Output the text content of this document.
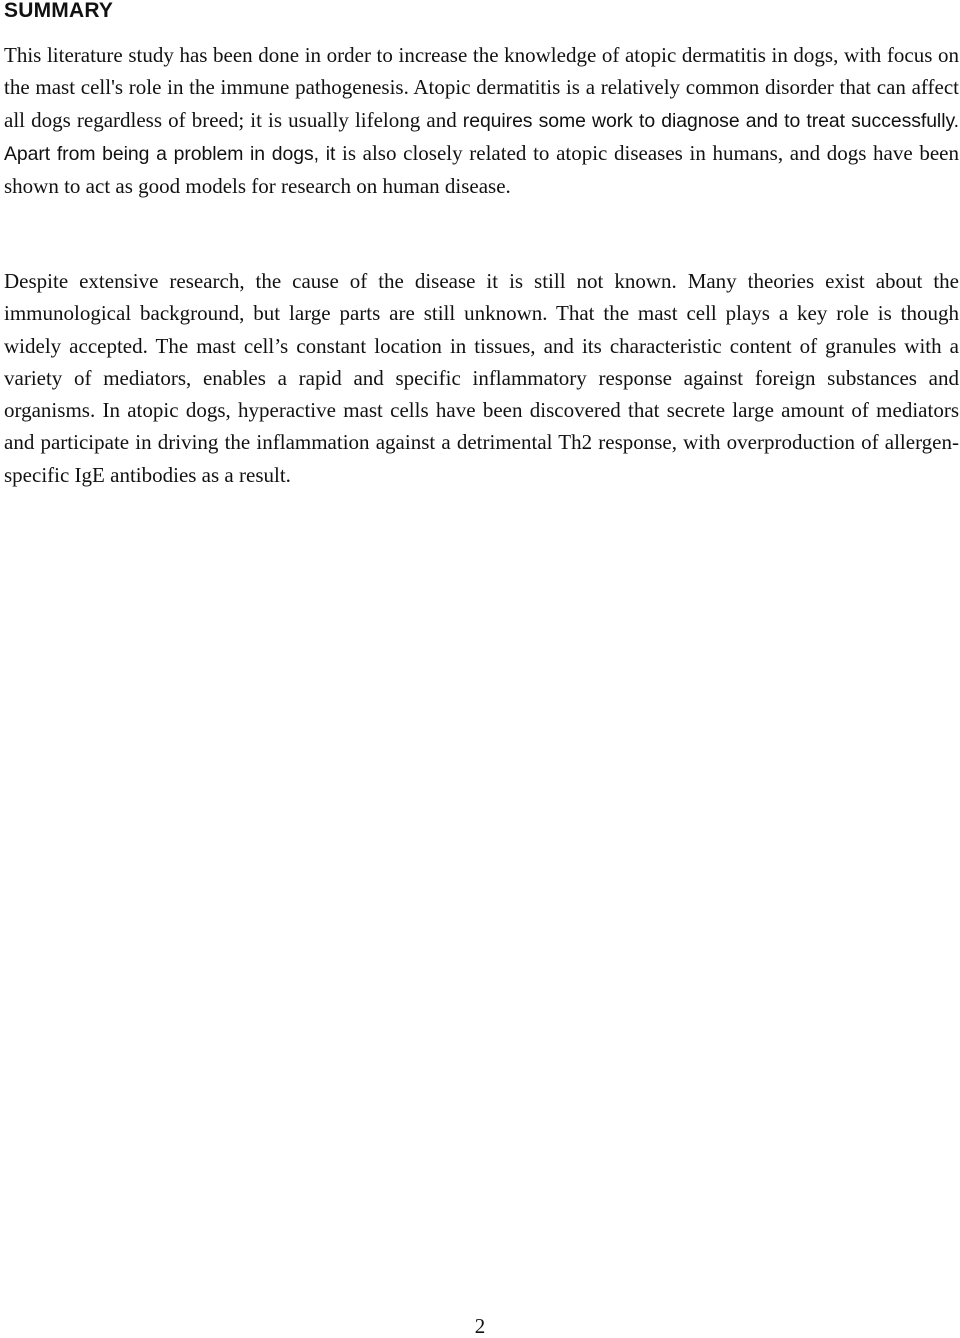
SUMMARY

This literature study has been done in order to increase the knowledge of atopic dermatitis in dogs, with focus on the mast cell's role in the immune pathogenesis. Atopic dermatitis is a relatively common disorder that can affect all dogs regardless of breed; it is usually lifelong and requires some work to diagnose and to treat successfully. Apart from being a problem in dogs, it is also closely related to atopic diseases in humans, and dogs have been shown to act as good models for research on human disease.

Despite extensive research, the cause of the disease it is still not known. Many theories exist about the immunological background, but large parts are still unknown. That the mast cell plays a key role is though widely accepted. The mast cell’s constant location in tissues, and its characteristic content of granules with a variety of mediators, enables a rapid and specific inflammatory response against foreign substances and organisms. In atopic dogs, hyperactive mast cells have been discovered that secrete large amount of mediators and participate in driving the inflammation against a detrimental Th2 response, with overproduction of allergen-specific IgE antibodies as a result.

2
